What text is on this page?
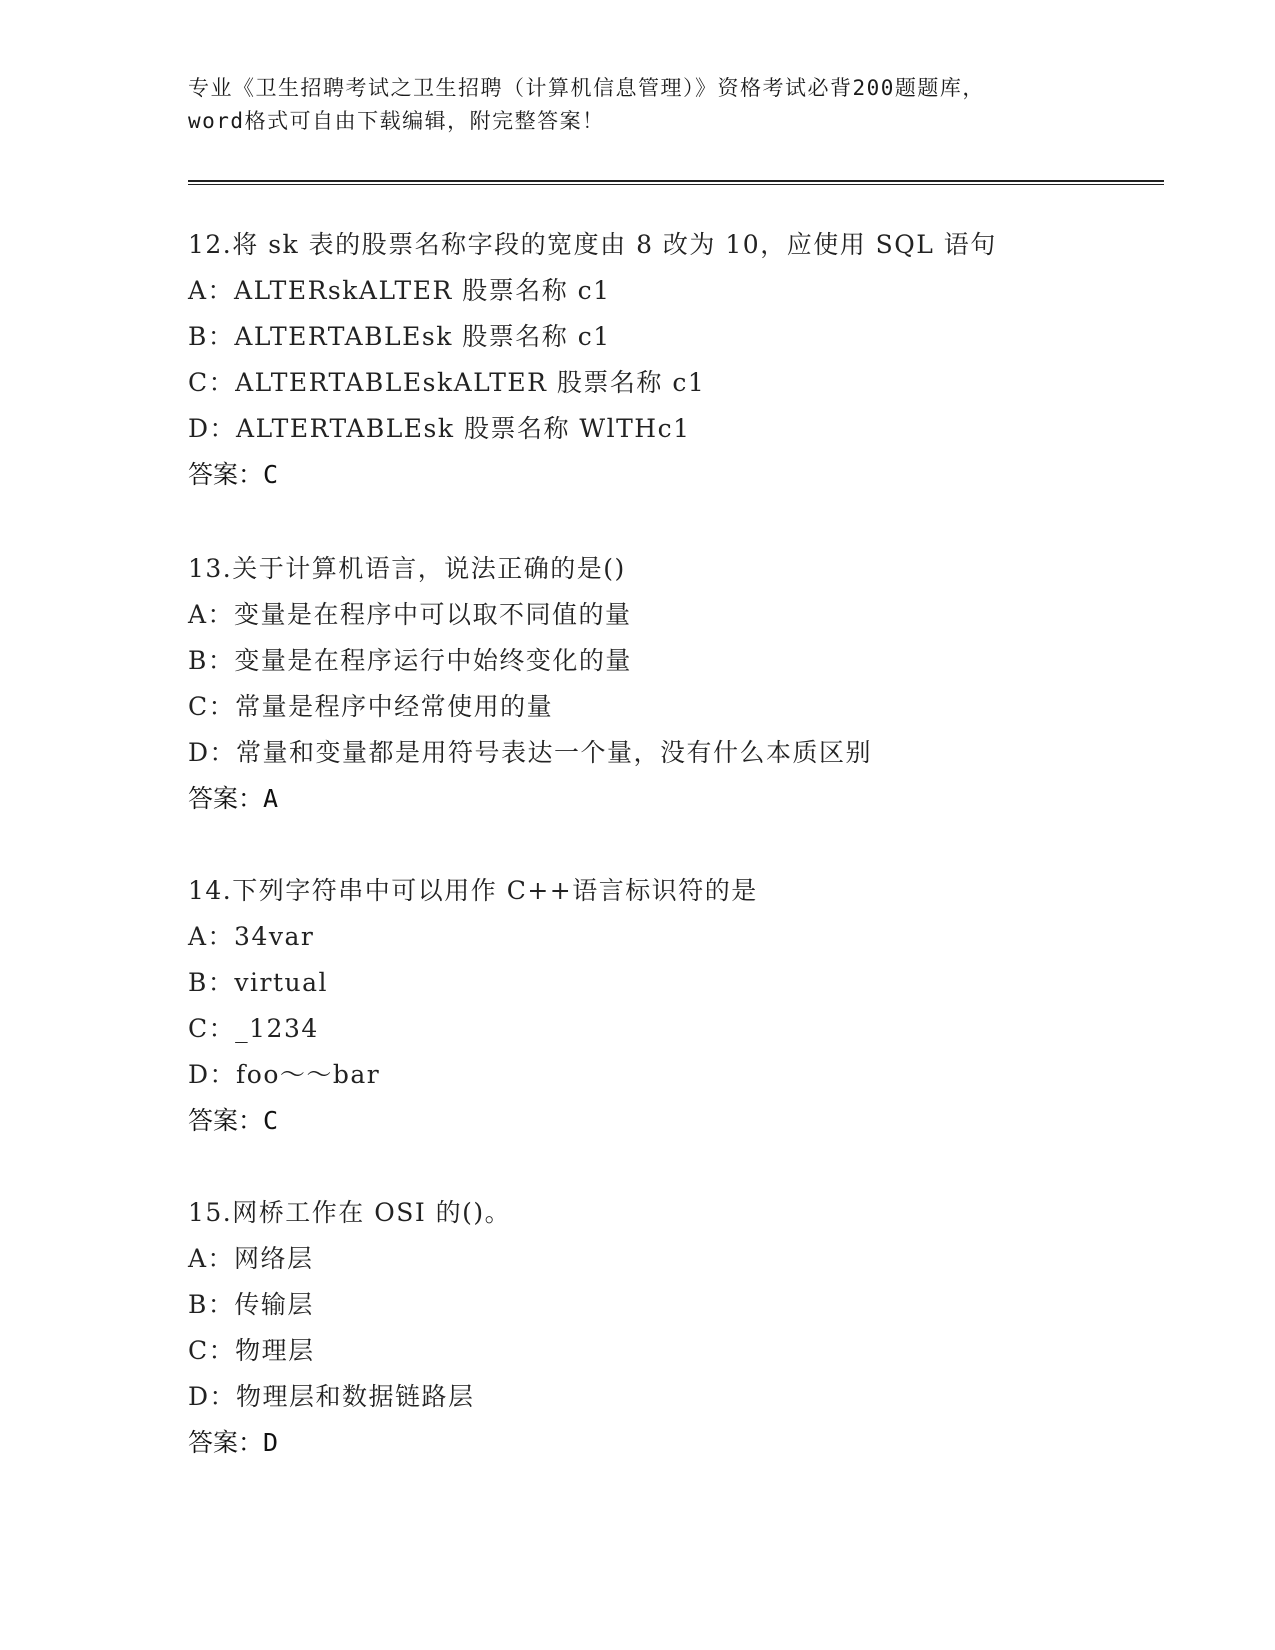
专业《卫生招聘考试之卫生招聘（计算机信息管理）》资格考试必背200题题库，
word格式可自由下载编辑，附完整答案！
12.将 sk 表的股票名称字段的宽度由 8 改为 10，应使用 SQL 语句
A：ALTERskALTER 股票名称 c1
B：ALTERTABLEsk 股票名称 c1
C：ALTERTABLEskALTER 股票名称 c1
D：ALTERTABLEsk 股票名称 WlTHc1
答案：C
13.关于计算机语言，说法正确的是()
A：变量是在程序中可以取不同值的量
B：变量是在程序运行中始终变化的量
C：常量是程序中经常使用的量
D：常量和变量都是用符号表达一个量，没有什么本质区别
答案：A
14.下列字符串中可以用作 C++语言标识符的是
A：34var
B：virtual
C：_1234
D：foo～～bar
答案：C
15.网桥工作在 OSI 的()。
A：网络层
B：传输层
C：物理层
D：物理层和数据链路层
答案：D
